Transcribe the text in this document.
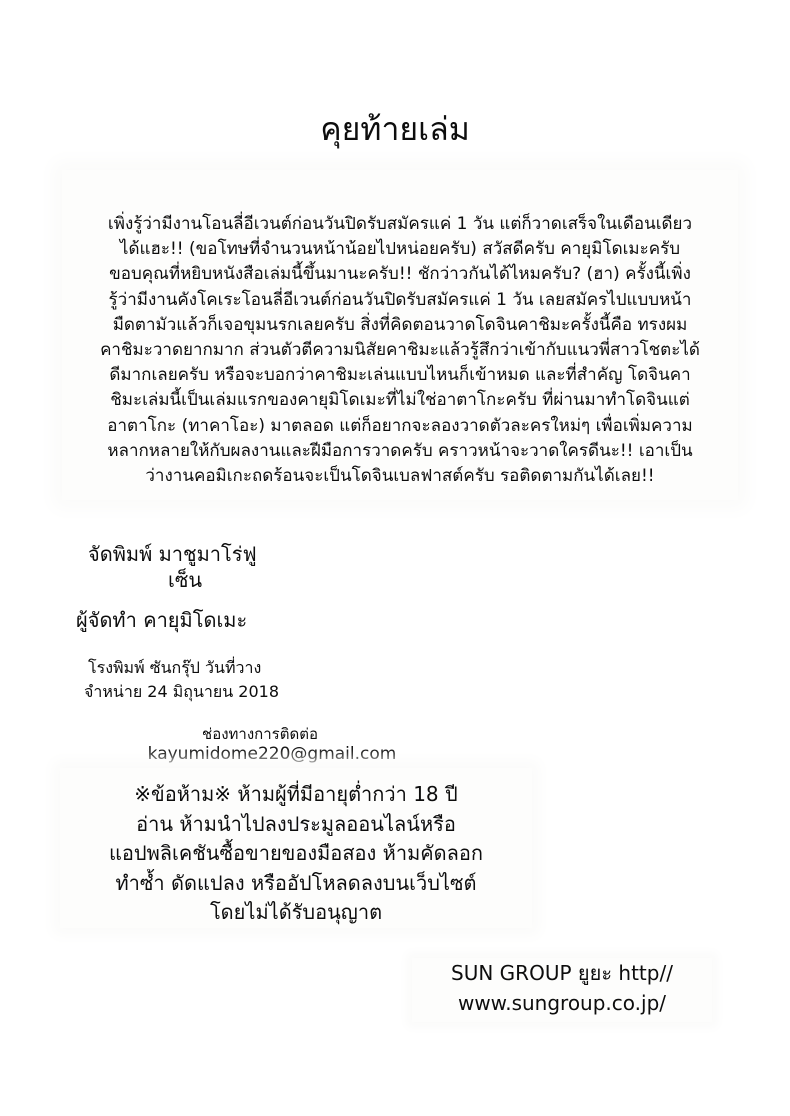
คุยท้ายเล่ม
เพิ่งรู้ว่ามีงานโอนลี่อีเวนต์ก่อนวันปิดรับสมัครแค่ 1 วัน แต่ก็วาดเสร็จในเดือนเดียว
ได้แฮะ!! (ขอโทษที่จำนวนหน้าน้อยไปหน่อยครับ) สวัสดีครับ คายุมิโดเมะครับ
ขอบคุณที่หยิบหนังสือเล่มนี้ขึ้นมานะครับ!! ชักว่าวกันได้ไหมครับ? (ฮา) ครั้งนี้เพิ่ง
รู้ว่ามีงานคังโคเระโอนลี่อีเวนต์ก่อนวันปิดรับสมัครแค่ 1 วัน เลยสมัครไปแบบหน้า
มืดตามัวแล้วก็เจอขุมนรกเลยครับ สิ่งที่คิดตอนวาดโดจินคาชิมะครั้งนี้คือ ทรงผม
คาชิมะวาดยากมาก ส่วนตัวตีความนิสัยคาชิมะแล้วรู้สึกว่าเข้ากับแนวพี่สาวโชตะได้
ดีมากเลยครับ หรือจะบอกว่าคาชิมะเล่นแบบไหนก็เข้าหมด และที่สำคัญ โดจินคา
ชิมะเล่มนี้เป็นเล่มแรกของคายุมิโดเมะที่ไม่ใช่อาตาโกะครับ ที่ผ่านมาทำโดจินแต่
อาตาโกะ (ทาคาโอะ) มาตลอด แต่ก็อยากจะลองวาดตัวละครใหม่ๆ เพื่อเพิ่มความ
หลากหลายให้กับผลงานและฝีมือการวาดครับ คราวหน้าจะวาดใครดีนะ!! เอาเป็น
ว่างานคอมิเกะถดร้อนจะเป็นโดจินเบลฟาสต์ครับ รอติดตามกันได้เลย!!
จัดพิมพ์ มาชูมาโร่ฟู
เซ็น
ผู้จัดทำ คายุมิโดเมะ
โรงพิมพ์ ซันกรุ๊ป วันที่วาง
จำหน่าย 24 มิถุนายน 2018
ช่องทางการติดต่อ
kayumidome220@gmail.com
※ข้อห้าม※ ห้ามผู้ที่มีอายุต่ำกว่า 18 ปี
อ่าน ห้ามนำไปลงประมูลออนไลน์หรือ
แอปพลิเคชันซื้อขายของมือสอง ห้ามคัดลอก
ทำซ้ำ ดัดแปลง หรืออัปโหลดลงบนเว็บไซต์
โดยไม่ได้รับอนุญาต
SUN GROUP ยูยะ http//
www.sungroup.co.jp/
